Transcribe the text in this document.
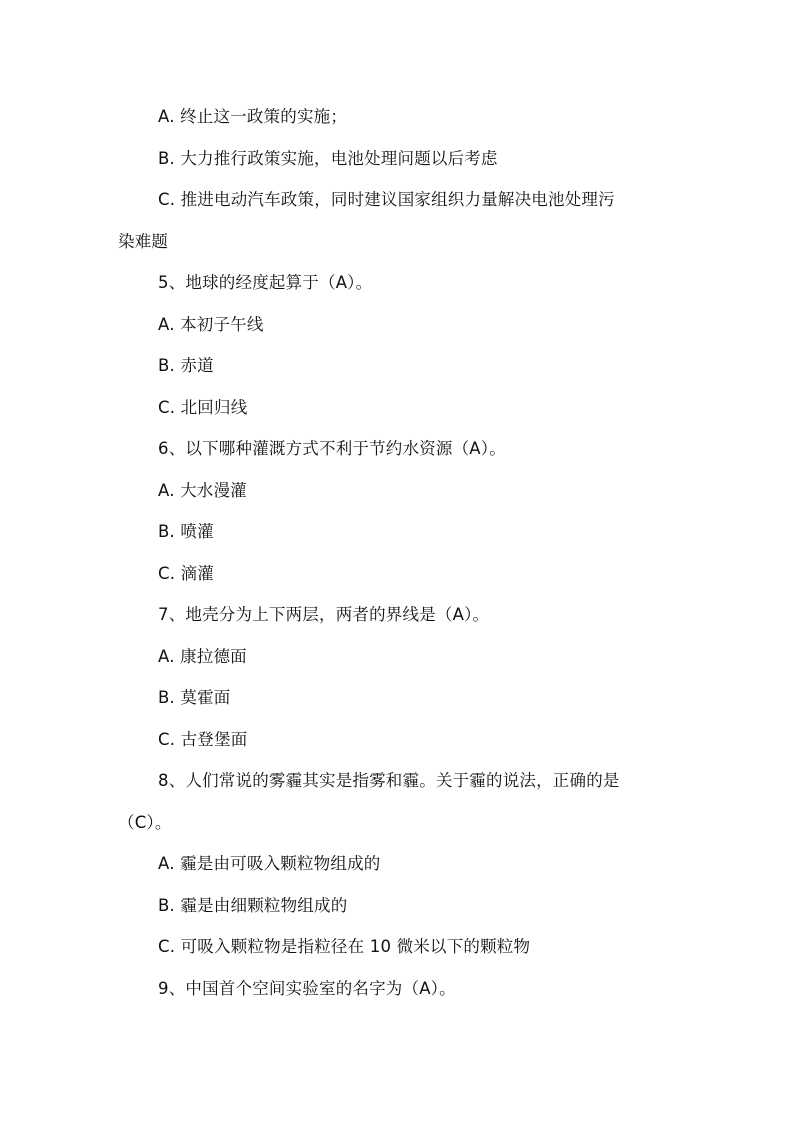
A. 终止这一政策的实施；
B. 大力推行政策实施，电池处理问题以后考虑
C. 推进电动汽车政策，同时建议国家组织力量解决电池处理污
染难题
5、地球的经度起算于（A）。
A. 本初子午线
B. 赤道
C. 北回归线
6、以下哪种灌溉方式不利于节约水资源（A）。
A. 大水漫灌
B. 喷灌
C. 滴灌
7、地壳分为上下两层，两者的界线是（A）。
A. 康拉德面
B. 莫霍面
C. 古登堡面
8、人们常说的雾霾其实是指雾和霾。关于霾的说法，正确的是
（C）。
A. 霾是由可吸入颗粒物组成的
B. 霾是由细颗粒物组成的
C. 可吸入颗粒物是指粒径在 10 微米以下的颗粒物
9、中国首个空间实验室的名字为（A）。
